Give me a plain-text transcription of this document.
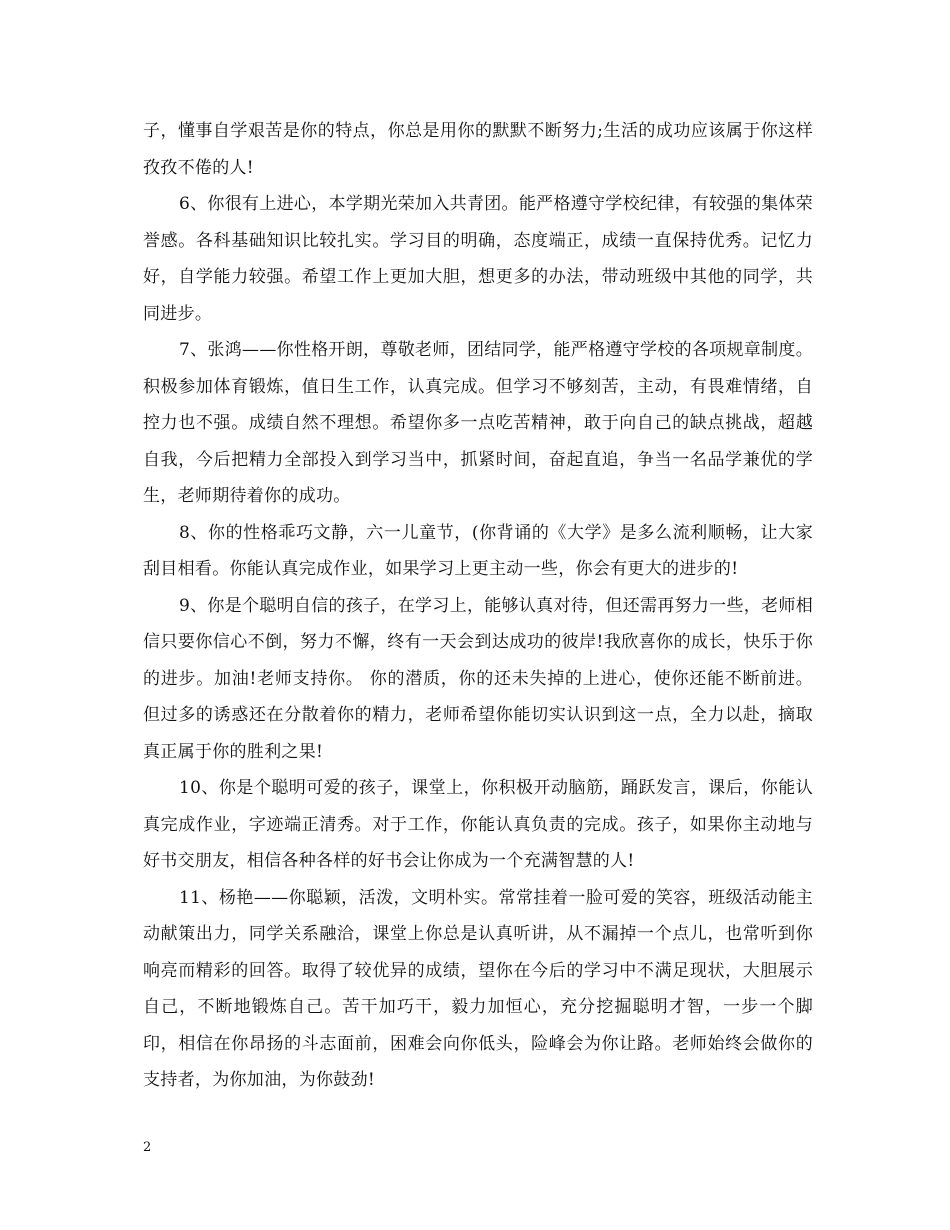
子，懂事自学艰苦是你的特点，你总是用你的默默不断努力;生活的成功应该属于你这样孜孜不倦的人!

6、你很有上进心，本学期光荣加入共青团。能严格遵守学校纪律，有较强的集体荣誉感。各科基础知识比较扎实。学习目的明确，态度端正，成绩一直保持优秀。记忆力好，自学能力较强。希望工作上更加大胆，想更多的办法，带动班级中其他的同学，共同进步。

7、张鸿——你性格开朗，尊敬老师，团结同学，能严格遵守学校的各项规章制度。积极参加体育锻炼，值日生工作，认真完成。但学习不够刻苦，主动，有畏难情绪，自控力也不强。成绩自然不理想。希望你多一点吃苦精神，敢于向自己的缺点挑战，超越自我，今后把精力全部投入到学习当中，抓紧时间，奋起直追，争当一名品学兼优的学生，老师期待着你的成功。

8、你的性格乖巧文静，六一儿童节，(你背诵的《大学》是多么流利顺畅，让大家刮目相看。你能认真完成作业，如果学习上更主动一些，你会有更大的进步的!

9、你是个聪明自信的孩子，在学习上，能够认真对待，但还需再努力一些，老师相信只要你信心不倒，努力不懈，终有一天会到达成功的彼岸!我欣喜你的成长，快乐于你的进步。加油!老师支持你。 你的潜质，你的还未失掉的上进心，使你还能不断前进。但过多的诱惑还在分散着你的精力，老师希望你能切实认识到这一点，全力以赴，摘取真正属于你的胜利之果!

10、你是个聪明可爱的孩子，课堂上，你积极开动脑筋，踊跃发言，课后，你能认真完成作业，字迹端正清秀。对于工作，你能认真负责的完成。孩子，如果你主动地与好书交朋友，相信各种各样的好书会让你成为一个充满智慧的人!

11、杨艳——你聪颖，活泼，文明朴实。常常挂着一脸可爱的笑容，班级活动能主动献策出力，同学关系融洽，课堂上你总是认真听讲，从不漏掉一个点儿，也常听到你响亮而精彩的回答。取得了较优异的成绩，望你在今后的学习中不满足现状，大胆展示自己，不断地锻炼自己。苦干加巧干，毅力加恒心，充分挖掘聪明才智，一步一个脚印，相信在你昂扬的斗志面前，困难会向你低头，险峰会为你让路。老师始终会做你的支持者，为你加油，为你鼓劲!

2
